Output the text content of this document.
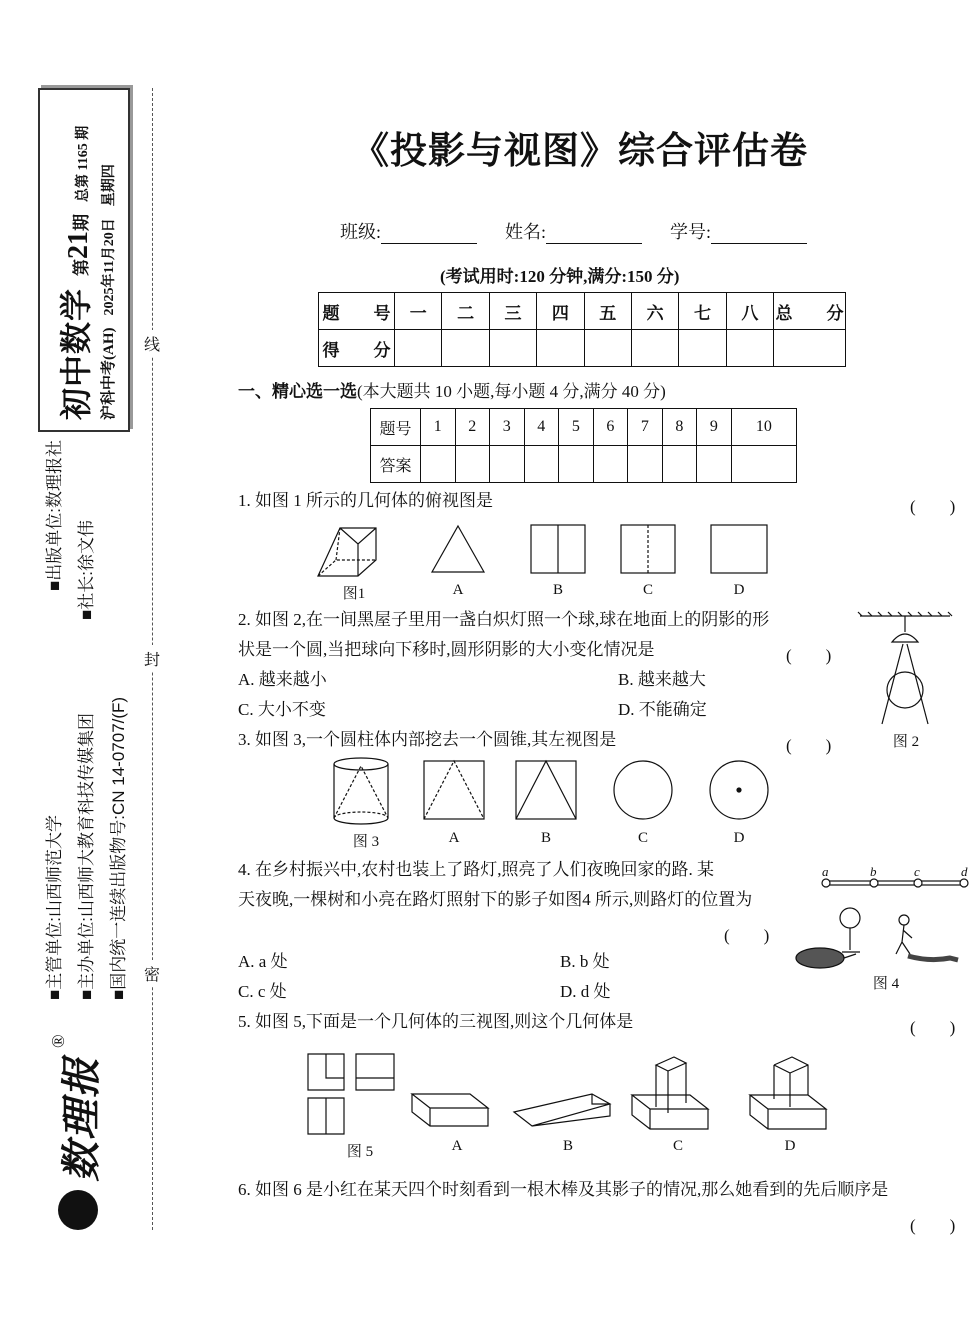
初中数学
第21期
总第 1165 期
沪科中考(AH)
2025年11月20日
星期四
■主管单位:山西师范大学
■出版单位:数理报社
■主办单位:山西师大教育科技传媒集团
■社长:徐文伟
■国内统一连续出版物号:CN 14-0707/(F)
数理报
®
线
封
密
《投影与视图》综合评估卷
班级:	姓名:	学号:
(考试用时:120 分钟,满分:150 分)
题　　号	一	二	三	四	五	六	七	八	总　　分
得　　分									
一、精心选一选(本大题共 10 小题,每小题 4 分,满分 40 分)
题号	1	2	3	4	5	6	7	8	9	10
答案										
1. 如图 1 所示的几何体的俯视图是	(　　)
图1	A	B	C	D
2. 如图 2,在一间黑屋子里用一盏白炽灯照一个球,球在地面上的阴影的形
状是一个圆,当把球向下移时,圆形阴影的大小变化情况是	(　　)
A. 越来越小	B. 越来越大
C. 大小不变	D. 不能确定
图 2
3. 如图 3,一个圆柱体内部挖去一个圆锥,其左视图是	(　　)
图 3	A	B	C	D
4. 在乡村振兴中,农村也装上了路灯,照亮了人们夜晚回家的路. 某
天夜晚,一棵树和小亮在路灯照射下的影子如图4 所示,则路灯的位置为
(　　)
A. a 处	B. b 处
C. c 处	D. d 处
a	b	c	d
图 4
5. 如图 5,下面是一个几何体的三视图,则这个几何体是	(　　)
图 5	A	B	C	D
6. 如图 6 是小红在某天四个时刻看到一根木棒及其影子的情况,那么她看到的先后顺序是
(　　)
